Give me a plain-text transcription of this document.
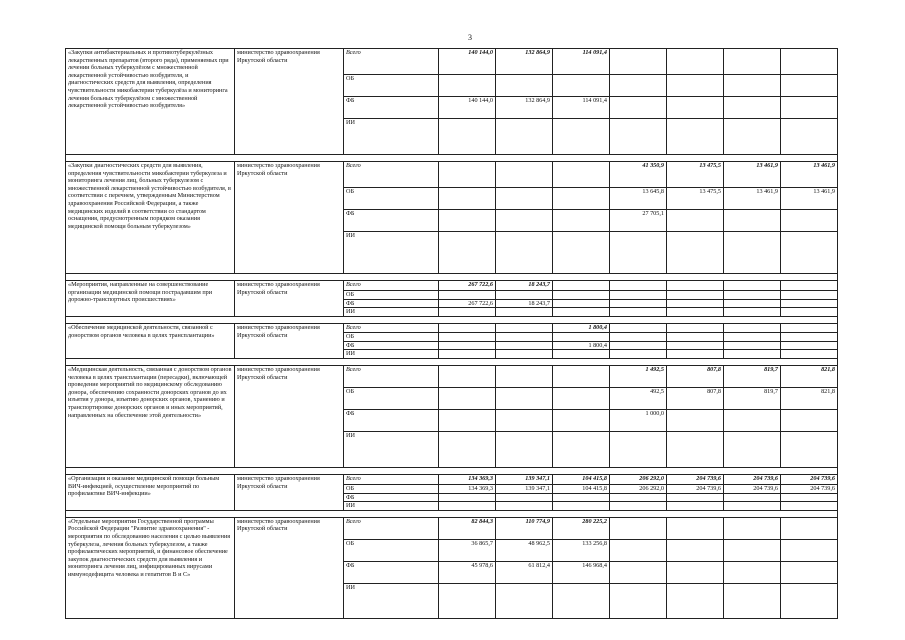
3
«Закупки антибактериальных и противотуберкулёзных лекарственных препаратов (второго ряда), применяемых при лечении больных туберкулёзом с множественной лекарственной устойчивостью возбудителя, и диагностических средств для выявления, определения чувствительности микобактерии туберкулёза и мониторинга лечения больных туберкулёзом с множественной лекарственной устойчивостью возбудителя»	министерство здравоохранения Иркутской области	Всего	140 144,0	132 864,9	114 091,4				
		ОБ							
		ФБ	140 144,0	132 864,9	114 091,4				
		ИИ							

«Закупки диагностических средств для выявления, определения чувствительности микобактерии туберкулеза и мониторинга лечения лиц, больных туберкулезом с множественной лекарственной устойчивостью возбудителя, в соответствии с перечнем, утвержденным Министерством здравоохранения Российской Федерации, а также медицинских изделий в соответствии со стандартом оснащения, предусмотренным порядком оказания медицинской помощи больным туберкулезом»	министерство здравоохранения Иркутской области	Всего				41 350,9	13 475,5	13 461,9	13 461,9
		ОБ				13 645,8	13 475,5	13 461,9	13 461,9
		ФБ				27 705,1			
		ИИ							

«Мероприятия, направленные на совершенствование организации медицинской помощи пострадавшим при дорожно-транспортных происшествиях»	министерство здравоохранения Иркутской области	Всего	267 722,6	18 243,7					
		ОБ							
		ФБ	267 722,6	18 243,7					
		ИИ							

«Обеспечение медицинской деятельности, связанной с донорством органов человека в целях трансплантации»	министерство здравоохранения Иркутской области	Всего			1 800,4				
		ОБ							
		ФБ			1 800,4				
		ИИ							

«Медицинская деятельность, связанная с донорством органов человека в целях трансплантации (пересадки), включающей проведение мероприятий по медицинскому обследованию донора, обеспечению сохранности донорских органов до их изъятия у донора, изъятию донорских органов, хранению и транспортировке донорских органов и иных мероприятий, направленных на обеспечение этой деятельности»	министерство здравоохранения Иркутской области	Всего				1 492,5	807,8	819,7	821,8
		ОБ				492,5	807,8	819,7	821,8
		ФБ				1 000,0			
		ИИ							

«Организация и оказание медицинской помощи больным ВИЧ-инфекцией, осуществление мероприятий по профилактике ВИЧ-инфекции»	министерство здравоохранения Иркутской области	Всего	134 369,3	139 347,1	104 415,8	206 292,0	204 739,6	204 739,6	204 739,6
		ОБ	134 369,3	139 347,1	104 415,8	206 292,0	204 739,6	204 739,6	204 739,6
		ФБ							
		ИИ							

«Отдельные мероприятия Государственной программы Российской Федерации "Развитие здравоохранения" - мероприятия по обследованию населения с целью выявления туберкулеза, лечения больных туберкулезом, а также профилактических мероприятий, и финансовое обеспечение закупок диагностических средств для выявления и мониторинга лечения лиц, инфицированных вирусами иммунодефицита человека и гепатитов B и C»	министерство здравоохранения Иркутской области	Всего	82 844,3	110 774,9	280 225,2				
		ОБ	36 865,7	48 962,5	133 256,8				
		ФБ	45 978,6	61 812,4	146 968,4				
		ИИ							
